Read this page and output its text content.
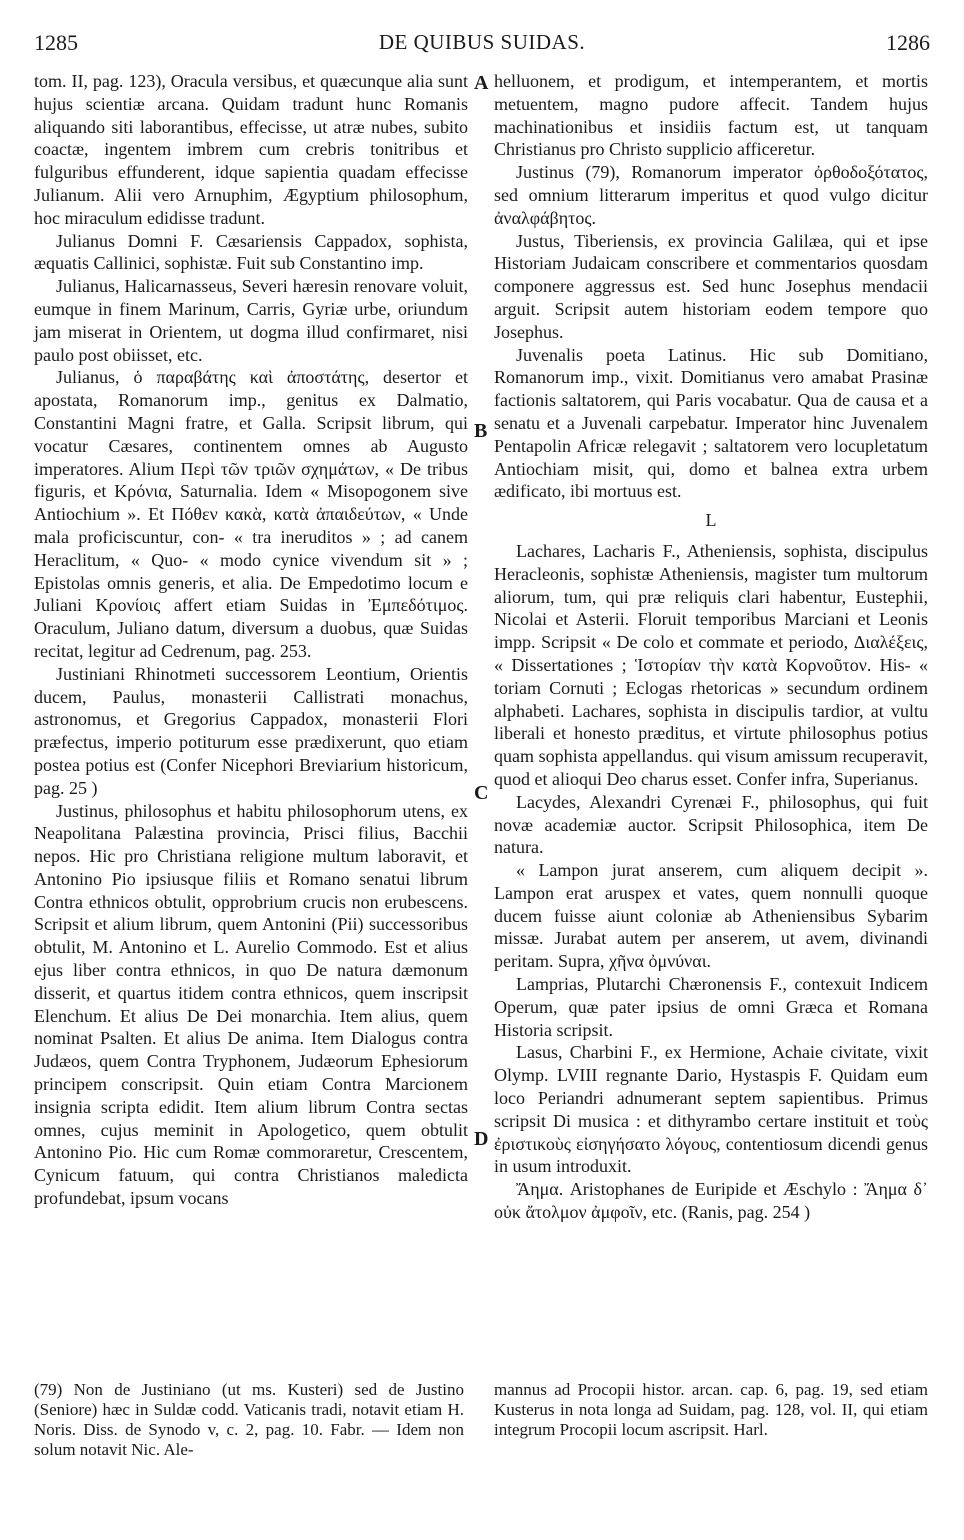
1285	DE QUIBUS SUIDAS.	1286
A
B
C
D

tom. II, pag. 123), Oracula versibus, et quæcunque alia sunt hujus scientiæ arcana. Quidam tradunt hunc Romanis aliquando siti laborantibus, effecisse, ut atræ nubes, subito coactæ, ingentem imbrem cum crebris tonitribus et fulguribus effunderent, idque sapientia quadam effecisse Julianum. Alii vero Arnuphim, Ægyptium philosophum, hoc miraculum edidisse tradunt.

Julianus Domni F. Cæsariensis Cappadox, sophista, æquatis Callinici, sophistæ. Fuit sub Constantino imp.

Julianus, Halicarnasseus, Severi hæresin renovare voluit, eumque in finem Marinum, Carris, Gyriæ urbe, oriundum jam miserat in Orientem, ut dogma illud confirmaret, nisi paulo post obiisset, etc.

Julianus, ὁ παραβάτης καὶ ἀποστάτης, desertor et apostata, Romanorum imp., genitus ex Dalmatio, Constantini Magni fratre, et Galla. Scripsit librum, qui vocatur Cæsares, continentem omnes ab Augusto imperatores. Alium Περὶ τῶν τριῶν σχημάτων, « De tribus figuris, et Κρόνια, Saturnalia. Idem « Misopogonem sive Antiochium ». Et Πόθεν κακὰ, κατὰ ἀπαιδεύτων, « Unde mala proficiscuntur, con- « tra ineruditos » ; ad canem Heraclitum, « Quo- « modo cynice vivendum sit » ; Epistolas omnis generis, et alia. De Empedotimo locum e Juliani Κρονίοις affert etiam Suidas in Ἐμπεδότιμος. Oraculum, Juliano datum, diversum a duobus, quæ Suidas recitat, legitur ad Cedrenum, pag. 253.

Justiniani Rhinotmeti successorem Leontium, Orientis ducem, Paulus, monasterii Callistrati monachus, astronomus, et Gregorius Cappadox, monasterii Flori præfectus, imperio potiturum esse prædixerunt, quo etiam postea potius est (Confer Nicephori Breviarium historicum, pag. 25 )

Justinus, philosophus et habitu philosophorum utens, ex Neapolitana Palæstina provincia, Prisci filius, Bacchii nepos. Hic pro Christiana religione multum laboravit, et Antonino Pio ipsiusque filiis et Romano senatui librum Contra ethnicos obtulit, opprobrium crucis non erubescens. Scripsit et alium librum, quem Antonini (Pii) successoribus obtulit, M. Antonino et L. Aurelio Commodo. Est et alius ejus liber contra ethnicos, in quo De natura dæmonum disserit, et quartus itidem contra ethnicos, quem inscripsit Elenchum. Et alius De Dei monarchia. Item alius, quem nominat Psalten. Et alius De anima. Item Dialogus contra Judæos, quem Contra Tryphonem, Judæorum Ephesiorum principem conscripsit. Quin etiam Contra Marcionem insignia scripta edidit. Item alium librum Contra sectas omnes, cujus meminit in Apologetico, quem obtulit Antonino Pio. Hic cum Romæ commoraretur, Crescentem, Cynicum fatuum, qui contra Christianos maledicta profundebat, ipsum vocans

helluonem, et prodigum, et intemperantem, et mortis metuentem, magno pudore affecit. Tandem hujus machinationibus et insidiis factum est, ut tanquam Christianus pro Christo supplicio afficeretur.

Justinus (79), Romanorum imperator ὀρθοδοξότατος, sed omnium litterarum imperitus et quod vulgo dicitur ἀναλφάβητος.

Justus, Tiberiensis, ex provincia Galilæa, qui et ipse Historiam Judaicam conscribere et commentarios quosdam componere aggressus est. Sed hunc Josephus mendacii arguit. Scripsit autem historiam eodem tempore quo Josephus.

Juvenalis poeta Latinus. Hic sub Domitiano, Romanorum imp., vixit. Domitianus vero amabat Prasinæ factionis saltatorem, qui Paris vocabatur. Qua de causa et a senatu et a Juvenali carpebatur. Imperator hinc Juvenalem Pentapolin Africæ relegavit ; saltatorem vero locupletatum Antiochiam misit, qui, domo et balnea extra urbem ædificato, ibi mortuus est.

L

Lachares, Lacharis F., Atheniensis, sophista, discipulus Heracleonis, sophistæ Atheniensis, magister tum multorum aliorum, tum, qui præ reliquis clari habentur, Eustephii, Nicolai et Asterii. Floruit temporibus Marciani et Leonis impp. Scripsit « De colo et commate et periodo, Διαλέξεις, « Dissertationes ; Ἱστορίαν τὴν κατὰ Κορνοῦτον. His- « toriam Cornuti ; Eclogas rhetoricas » secundum ordinem alphabeti. Lachares, sophista in discipulis tardior, at vultu liberali et honesto præditus, et virtute philosophus potius quam sophista appellandus. qui visum amissum recuperavit, quod et alioqui Deo charus esset. Confer infra, Superianus.

Lacydes, Alexandri Cyrenæi F., philosophus, qui fuit novæ academiæ auctor. Scripsit Philosophica, item De natura.

« Lampon jurat anserem, cum aliquem decipit ». Lampon erat aruspex et vates, quem nonnulli quoque ducem fuisse aiunt coloniæ ab Atheniensibus Sybarim missæ. Jurabat autem per anserem, ut avem, divinandi peritam. Supra, χῆνα ὀμνύναι.

Lamprias, Plutarchi Chæronensis F., contexuit Indicem Operum, quæ pater ipsius de omni Græca et Romana Historia scripsit.

Lasus, Charbini F., ex Hermione, Achaie civitate, vixit Olymp. LVIII regnante Dario, Hystaspis F. Quidam eum loco Periandri adnumerant septem sapientibus. Primus scripsit Di musica : et dithyrambo certare instituit et τοὺς ἐριστικοὺς εἰσηγήσατο λόγους, contentiosum dicendi genus in usum introduxit.

Ἄημα. Aristophanes de Euripide et Æschylo : Ἄημα δ᾽ οὐκ ἄτολμον ἀμφοῖν, etc. (Ranis, pag. 254 )

(79) Non de Justiniano (ut ms. Kusteri) sed de Justino (Seniore) hæc in Suldæ codd. Vaticanis tradi, notavit etiam H. Noris. Diss. de Synodo v, c. 2, pag. 10. Fabr. — Idem non solum notavit Nic. Ale-

mannus ad Procopii histor. arcan. cap. 6, pag. 19, sed etiam Kusterus in nota longa ad Suidam, pag. 128, vol. II, qui etiam integrum Procopii locum ascripsit. Harl.
